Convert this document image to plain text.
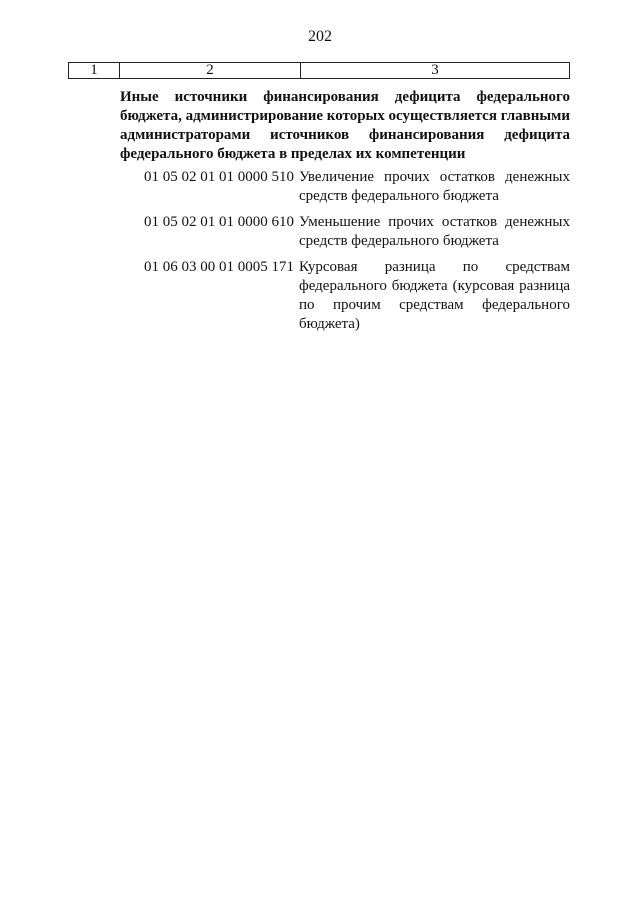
202
1	2	3
Иные источники финансирования дефицита федерального бюджета, администрирование которых осуществляется главными администраторами источников финансирования дефицита федерального бюджета в пределах их компетенции
01 05 02 01 01 0000 510 Увеличение прочих остатков денежных средств федерального бюджета
01 05 02 01 01 0000 610 Уменьшение прочих остатков денежных средств федерального бюджета
01 06 03 00 01 0005 171 Курсовая разница по средствам федерального бюджета (курсовая разница по прочим средствам федерального бюджета)
